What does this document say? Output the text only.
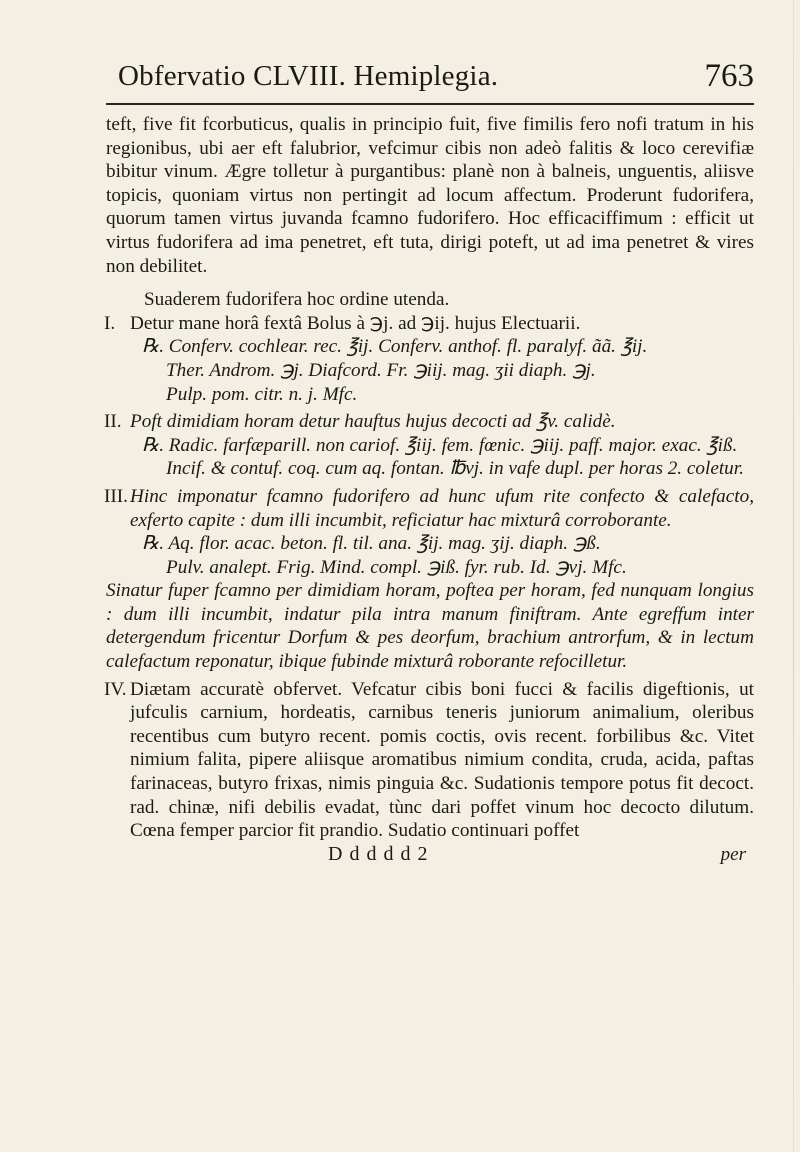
Obfervatio CLVIII. Hemiplegia.	763

teft, five fit fcorbuticus, qualis in principio fuit, five fimilis fero nofi tratum in his regionibus, ubi aer eft falubrior, vefcimur cibis non adeò falitis & loco cerevifiæ bibitur vinum. Ægre tolletur à purgantibus: planè non à balneis, unguentis, aliisve topicis, quoniam virtus non pertingit ad locum affectum. Proderunt fudorifera, quorum tamen virtus juvanda fcamno fudorifero. Hoc efficaciffimum : efficit ut virtus fudorifera ad ima penetret, eft tuta, dirigi poteft, ut ad ima penetret & vires non debilitet.

Suaderem fudorifera hoc ordine utenda.

I. Detur mane horâ fextâ Bolus à ℈j. ad ℈ij. hujus Electuarii.

℞. Conferv. cochlear. rec. ℥ij. Conferv. anthof. fl. paralyf. ãã. ℥ij.

Ther. Androm. ℈j. Diafcord. Fr. ℈iij. mag. ʒii diaph. ℈j.

Pulp. pom. citr. n. j. Mfc.

II. Poft dimidiam horam detur hauftus hujus decocti ad ℥v. calidè.

℞. Radic. farfæparill. non cariof. ℥iij. fem. fœnic. ℈iij. paff. major. exac. ℥iß.

Incif. & contuf. coq. cum aq. fontan. ℔vj. in vafe dupl. per horas 2. coletur.

III. Hinc imponatur fcamno fudorifero ad hunc ufum rite confecto & calefacto, exferto capite : dum illi incumbit, reficiatur hac mixturâ corroborante.

℞. Aq. flor. acac. beton. fl. til. ana. ℥ij. mag. ʒij. diaph. ℈ß.

Pulv. analept. Frig. Mind. compl. ℈iß. fyr. rub. Id. ℈vj. Mfc.

Sinatur fuper fcamno per dimidiam horam, poftea per horam, fed nunquam longius : dum illi incumbit, indatur pila intra manum finiftram. Ante egreffum inter detergendum fricentur Dorfum & pes deorfum, brachium antrorfum, & in lectum calefactum reponatur, ibique fubinde mixturâ roborante refocilletur.

IV. Diætam accuratè obfervet. Vefcatur cibis boni fucci & facilis digeftionis, ut jufculis carnium, hordeatis, carnibus teneris juniorum animalium, oleribus recentibus cum butyro recent. pomis coctis, ovis recent. forbilibus &c. Vitet nimium falita, pipere aliisque aromatibus nimium condita, cruda, acida, paftas farinaceas, butyro frixas, nimis pinguia &c. Sudationis tempore potus fit decoct. rad. chinæ, nifi debilis evadat, tùnc dari poffet vinum hoc decocto dilutum. Cœna femper parcior fit prandio. Sudatio continuari poffet

D d d d d 2	per
